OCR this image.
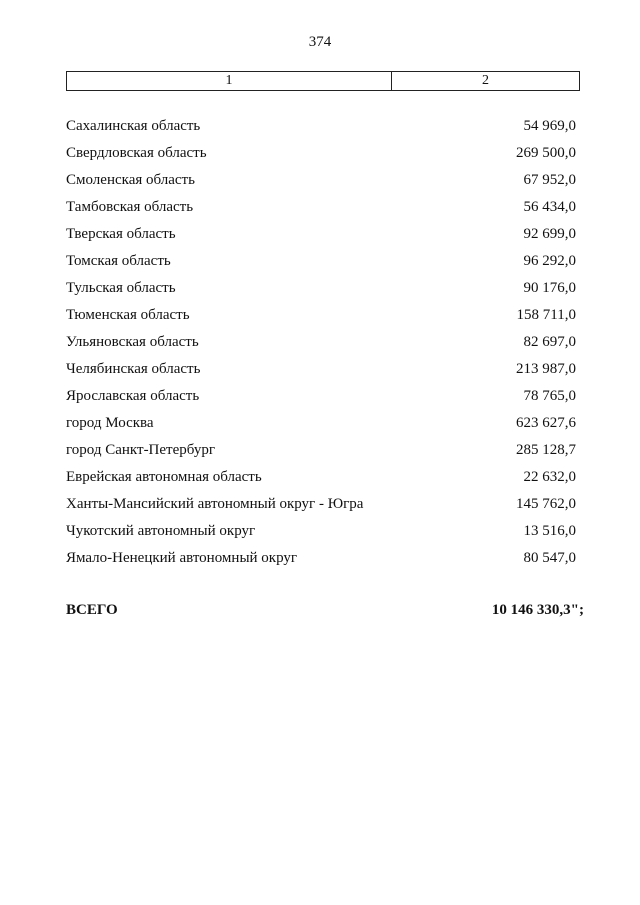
374
1	2
Сахалинская область	54 969,0
Свердловская область	269 500,0
Смоленская область	67 952,0
Тамбовская область	56 434,0
Тверская область	92 699,0
Томская область	96 292,0
Тульская область	90 176,0
Тюменская область	158 711,0
Ульяновская область	82 697,0
Челябинская область	213 987,0
Ярославская область	78 765,0
город Москва	623 627,6
город Санкт-Петербург	285 128,7
Еврейская автономная область	22 632,0
Ханты-Мансийский автономный округ - Югра	145 762,0
Чукотский автономный округ	13 516,0
Ямало-Ненецкий автономный округ	80 547,0
ВСЕГО	10 146 330,3";
